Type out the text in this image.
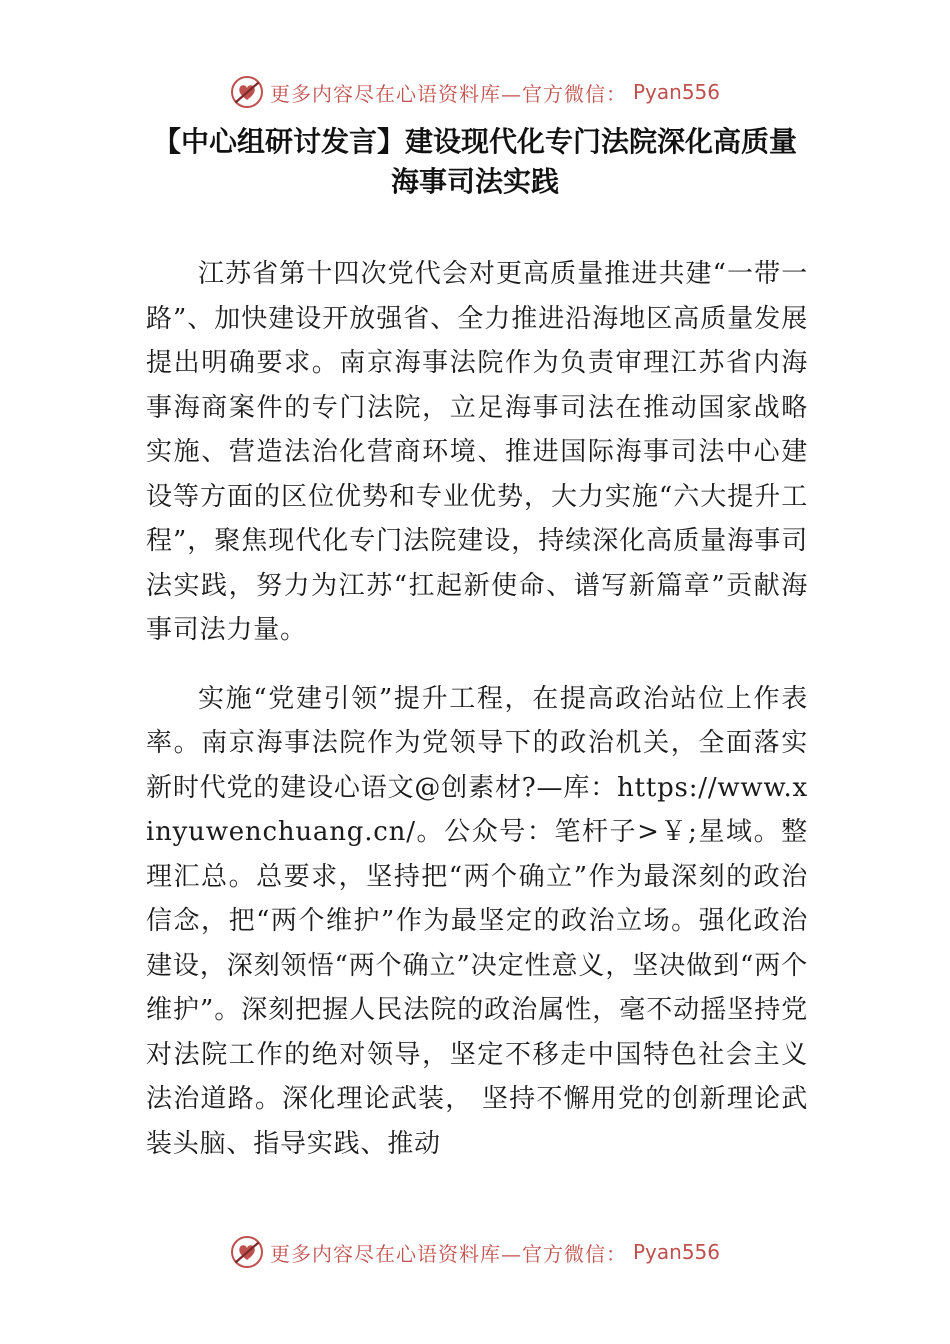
更多内容尽在心语资料库—官方微信： Pyan556
【中心组研讨发言】建设现代化专门法院深化高质量海事司法实践

江苏省第十四次党代会对更高质量推进共建“一带一路”、加快建设开放强省、全力推进沿海地区高质量发展提出明确要求。南京海事法院作为负责审理江苏省内海事海商案件的专门法院，立足海事司法在推动国家战略实施、营造法治化营商环境、推进国际海事司法中心建设等方面的区位优势和专业优势，大力实施“六大提升工程”，聚焦现代化专门法院建设，持续深化高质量海事司法实践，努力为江苏“扛起新使命、谱写新篇章”贡献海事司法力量。

实施“党建引领”提升工程，在提高政治站位上作表率。南京海事法院作为党领导下的政治机关，全面落实新时代党的建设心语文@创素材?—库：https://www.xinyuwenchuang.cn/。公众号：笔杆子>￥;星域。整理汇总。总要求，坚持把“两个确立”作为最深刻的政治信念，把“两个维护”作为最坚定的政治立场。强化政治建设，深刻领悟“两个确立”决定性意义，坚决做到“两个维护”。深刻把握人民法院的政治属性，毫不动摇坚持党对法院工作的绝对领导，坚定不移走中国特色社会主义法治道路。深化理论武装， 坚持不懈用党的创新理论武装头脑、指导实践、推动

更多内容尽在心语资料库—官方微信： Pyan556
